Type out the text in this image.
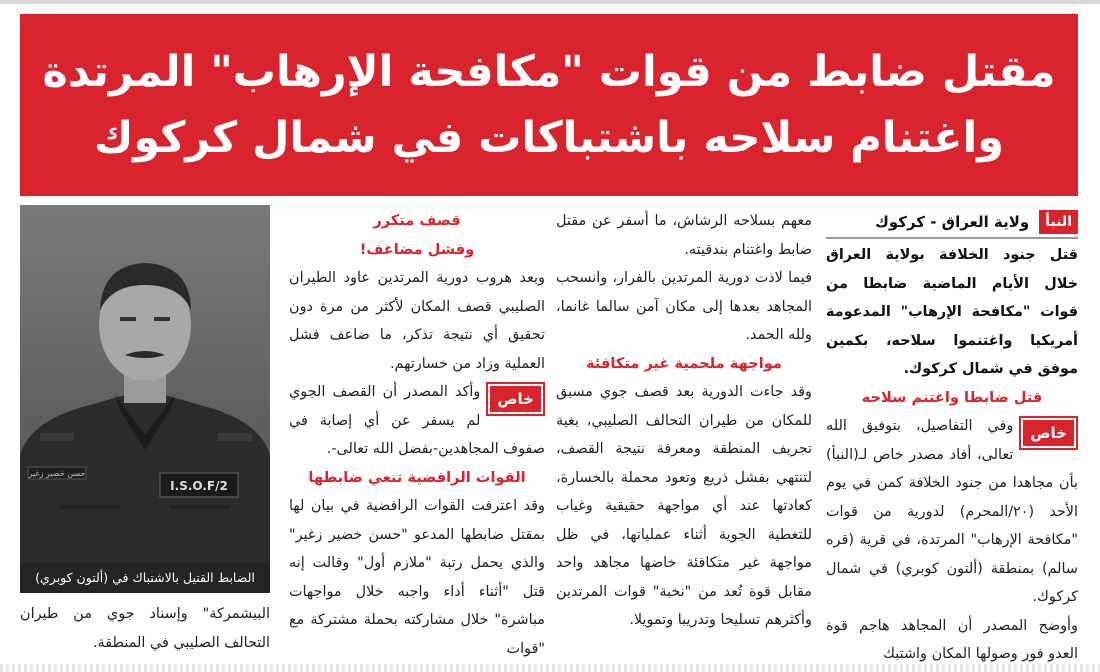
مقتل ضابط من قوات "مكافحة الإرهاب" المرتدة
واغتنام سلاحه باشتباكات في شمال كركوك
النبأ
ولاية العراق - كركوك

قتل جنود الخلافة بولاية العراق خلال الأيام الماضية ضابطا من قوات "مكافحة الإرهاب" المدعومة أمريكيا واغتنموا سلاحه، بكمين موفق في شمال كركوك.

قتل ضابطا واغتنم سلاحه

خاص

وفي التفاصيل، بتوفيق الله تعالى، أفاد مصدر خاص لـ(النبأ) بأن مجاهدا من جنود الخلافة كمن في يوم الأحد (٢٠/المحرم) لدورية من قوات "مكافحة الإرهاب" المرتدة، في قرية (قره سالم) بمنطقة (ألتون كوبري) في شمال كركوك.

وأوضح المصدر أن المجاهد هاجم قوة العدو فور وصولها المكان واشتبك

معهم بسلاحه الرشاش، ما أسفر عن مقتل ضابط واغتنام بندقيته.

فيما لاذت دورية المرتدين بالفرار، وانسحب المجاهد بعدها إلى مكان آمن سالما غانما، ولله الحمد.

مواجهة ملحمية غير متكافئة

وقد جاءت الدورية بعد قصف جوي مسبق للمكان من طيران التحالف الصليبي، بغية تجريف المنطقة ومعرفة نتيجة القصف، لتنتهي بفشل ذريع وتعود محملة بالخسارة، كعادتها عند أي مواجهة حقيقية وغياب للتغطية الجوية أثناء عملياتها، في ظل مواجهة غير متكافئة خاضها مجاهد واحد مقابل قوة تُعد من "نخبة" قوات المرتدين وأكثرهم تسليحا وتدريبا وتمويلا.

قصف متكرر

وفشل مضاعف!

وبعد هروب دورية المرتدين عاود الطيران الصليبي قصف المكان لأكثر من مرة دون تحقيق أي نتيجة تذكر، ما ضاعف فشل العملية وزاد من خسارتهم.

خاص

وأكد المصدر أن القصف الجوي لم يسفر عن أي إصابة في صفوف المجاهدين-بفضل الله تعالى-.

القوات الرافضية تنعي ضابطها

وقد اعترفت القوات الرافضية في بيان لها بمقتل ضابطها المدعو "حسن خضير زغير" والذي يحمل رتبة "ملازم أول" وقالت إنه قتل "أثناء أداء واجبه خلال مواجهات مباشرة" خلال مشاركته بحملة مشتركة مع "قوات

حسن خضير زغير
I.S.O.F/2
الضابط القتيل بالاشتباك في (ألتون كوبري)

البيشمركة" وإسناد جوي من طيران التحالف الصليبي في المنطقة.
